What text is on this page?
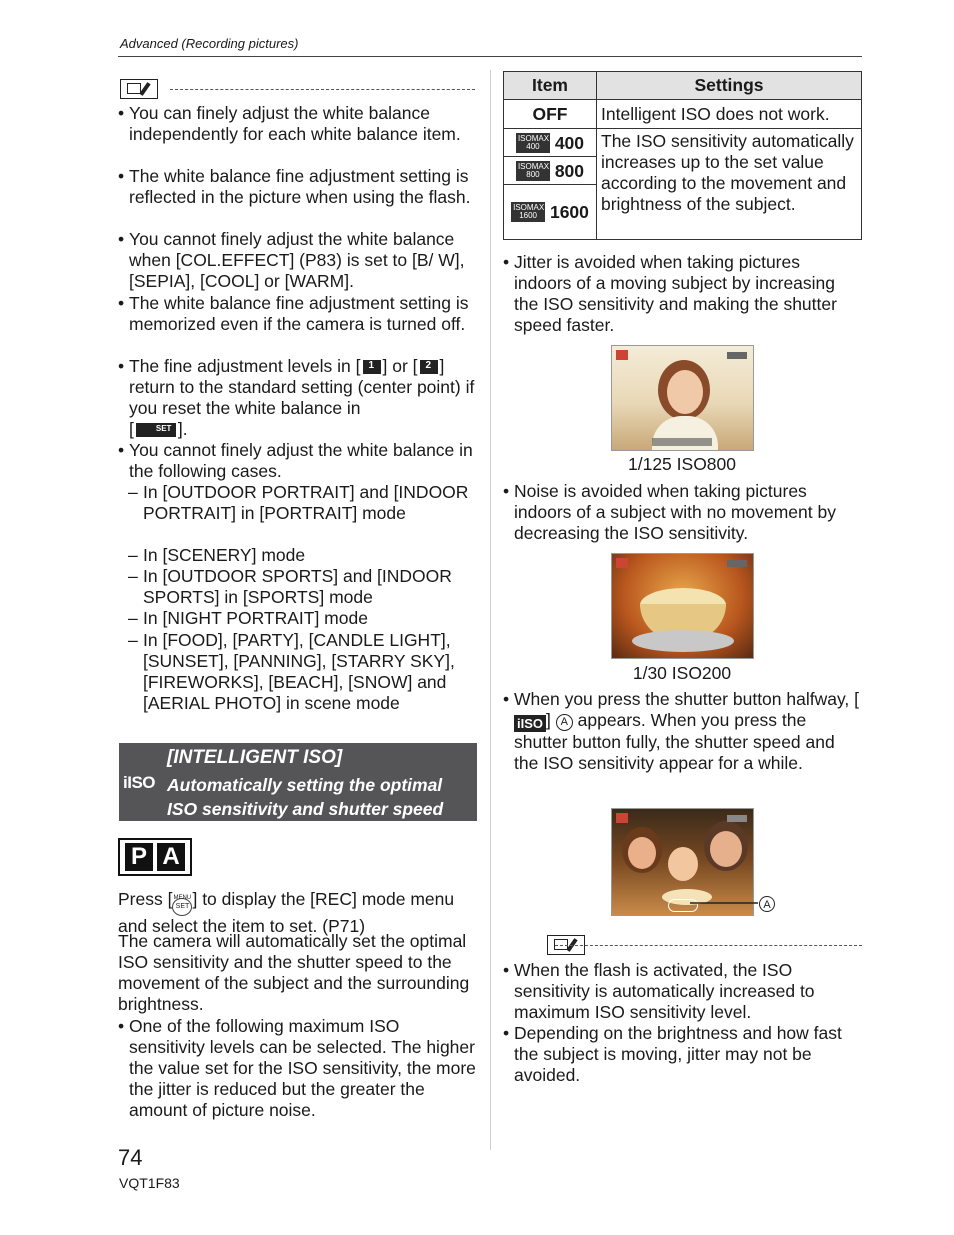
Advanced (Recording pictures)

• You can finely adjust the white balance independently for each white balance item.
• The white balance fine adjustment setting is reflected in the picture when using the flash.
• You cannot finely adjust the white balance when [COL.EFFECT] (P83) is set to [B/ W], [SEPIA], [COOL] or [WARM].
• The white balance fine adjustment setting is memorized even if the camera is turned off.
• The fine adjustment levels in [ 1 ] or [ 2 ] return to the standard setting (center point) if you reset the white balance in
[	SET ].
• You cannot finely adjust the white balance in the following cases.
– In [OUTDOOR PORTRAIT] and [INDOOR PORTRAIT] in [PORTRAIT] mode
– In [SCENERY] mode
– In [OUTDOOR SPORTS] and [INDOOR SPORTS] in [SPORTS] mode
– In [NIGHT PORTRAIT] mode
– In [FOOD], [PARTY], [CANDLE LIGHT], [SUNSET], [PANNING], [STARRY SKY], [FIREWORKS], [BEACH], [SNOW] and [AERIAL PHOTO] in scene mode
iISO
[INTELLIGENT ISO]
Automatically setting the optimal ISO sensitivity and shutter speed
P A
Press [ MENU SET ] to display the [REC] mode menu and select the item to set. (P71)
The camera will automatically set the optimal ISO sensitivity and the shutter speed to the movement of the subject and the surrounding brightness.
• One of the following maximum ISO sensitivity levels can be selected. The higher the value set for the ISO sensitivity, the more the jitter is reduced but the greater the amount of picture noise.
Item	Settings
OFF	Intelligent ISO does not work.
ISOMAX
400 400	The ISO sensitivity automatically increases up to the set value according to the movement and brightness of the subject.
ISOMAX
800 800	
ISOMAX
1600 1600	
• Jitter is avoided when taking pictures indoors of a moving subject by increasing the ISO sensitivity and making the shutter speed faster.
1/125 ISO800
• Noise is avoided when taking pictures indoors of a subject with no movement by decreasing the ISO sensitivity.
1/30 ISO200
• When you press the shutter button halfway, [iISO ] A appears. When you press the shutter button fully, the shutter speed and the ISO sensitivity appear for a while.
A
• When the flash is activated, the ISO sensitivity is automatically increased to maximum ISO sensitivity level.
• Depending on the brightness and how fast the subject is moving, jitter may not be avoided.
74
VQT1F83
